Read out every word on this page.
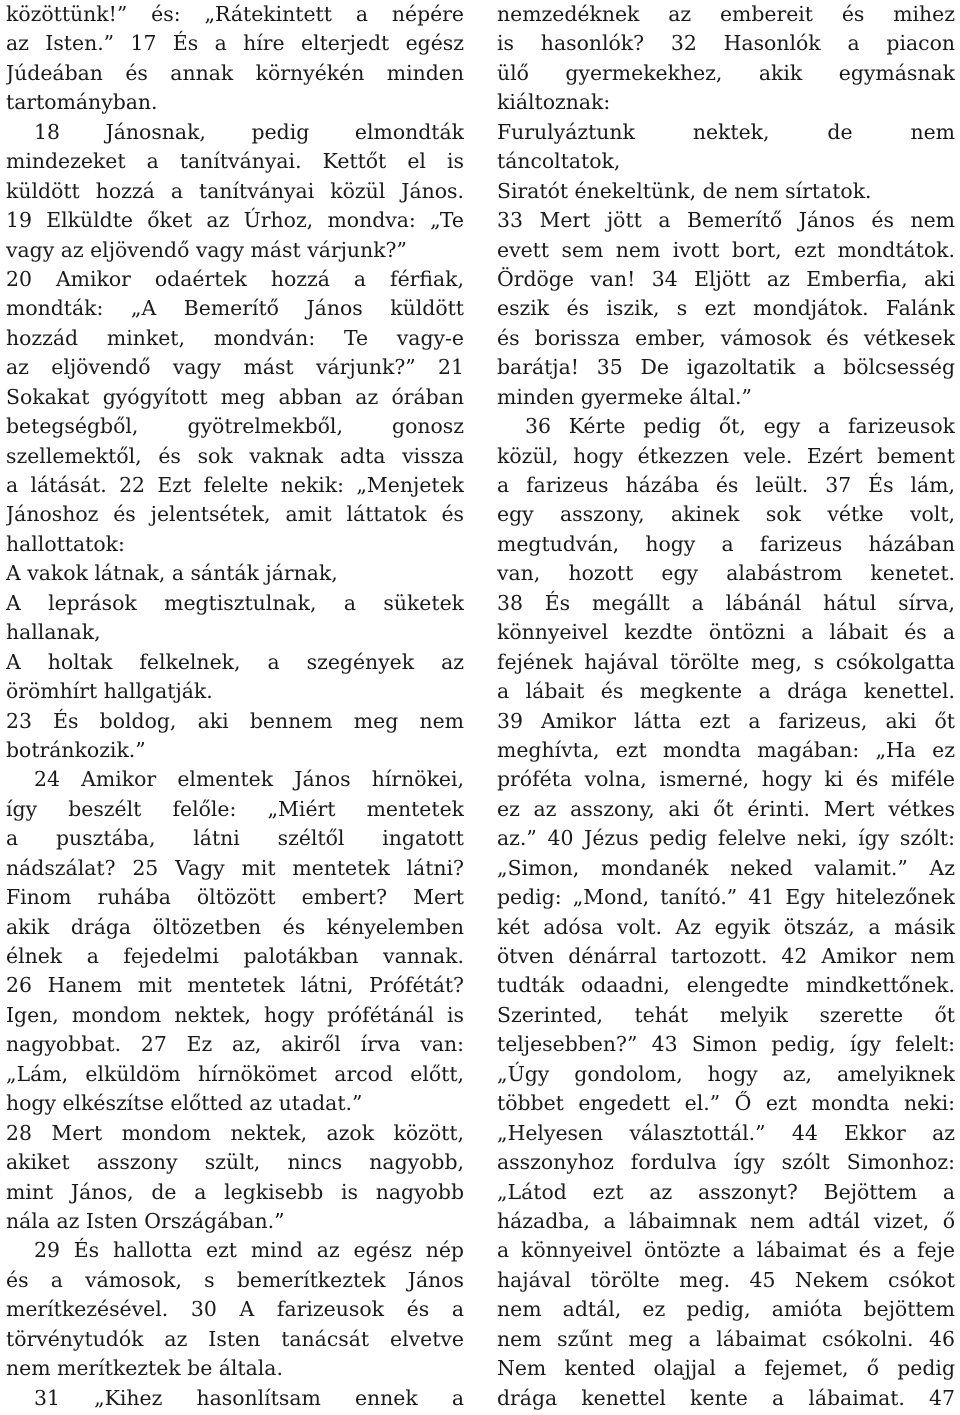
közöttünk!” és: „Rátekintett a népére
az Isten.” 17 És a híre elterjedt egész
Júdeában és annak környékén minden
tartományban.
18 Jánosnak, pedig elmondták
mindezeket a tanítványai. Kettőt el is
küldött hozzá a tanítványai közül János.
19 Elküldte őket az Úrhoz, mondva: „Te
vagy az eljövendő vagy mást várjunk?”
20 Amikor odaértek hozzá a férfiak,
mondták: „A Bemerítő János küldött
hozzád minket, mondván: Te vagy-e
az eljövendő vagy mást várjunk?” 21
Sokakat gyógyított meg abban az órában
betegségből, gyötrelmekből, gonosz
szellemektől, és sok vaknak adta vissza
a látását. 22 Ezt felelte nekik: „Menjetek
Jánoshoz és jelentsétek, amit láttatok és
hallottatok:
A vakok látnak, a sánták járnak,
A leprások megtisztulnak, a süketek
hallanak,
A holtak felkelnek, a szegények az
örömhírt hallgatják.
23 És boldog, aki bennem meg nem
botránkozik.”
24 Amikor elmentek János hírnökei,
így beszélt felőle: „Miért mentetek
a pusztába, látni széltől ingatott
nádszálat? 25 Vagy mit mentetek látni?
Finom ruhába öltözött embert? Mert
akik drága öltözetben és kényelemben
élnek a fejedelmi palotákban vannak.
26 Hanem mit mentetek látni, Prófétát?
Igen, mondom nektek, hogy prófétánál is
nagyobbat. 27 Ez az, akiről írva van:
„Lám, elküldöm hírnökömet arcod előtt,
hogy elkészítse előtted az utadat.”
28 Mert mondom nektek, azok között,
akiket asszony szült, nincs nagyobb,
mint János, de a legkisebb is nagyobb
nála az Isten Országában.”
29 És hallotta ezt mind az egész nép
és a vámosok, s bemerítkeztek János
merítkezésével. 30 A farizeusok és a
törvénytudók az Isten tanácsát elvetve
nem merítkeztek be általa.
31 „Kihez hasonlítsam ennek a
nemzedéknek az embereit és mihez
is hasonlók? 32 Hasonlók a piacon
ülő gyermekekhez, akik egymásnak
kiáltoznak:
Furulyáztunk nektek, de nem
táncoltatok,
Siratót énekeltünk, de nem sírtatok.
33 Mert jött a Bemerítő János és nem
evett sem nem ivott bort, ezt mondtátok.
Ördöge van! 34 Eljött az Emberfia, aki
eszik és iszik, s ezt mondjátok. Falánk
és borissza ember, vámosok és vétkesek
barátja! 35 De igazoltatik a bölcsesség
minden gyermeke által.”
36 Kérte pedig őt, egy a farizeusok
közül, hogy étkezzen vele. Ezért bement
a farizeus házába és leült. 37 És lám,
egy asszony, akinek sok vétke volt,
megtudván, hogy a farizeus házában
van, hozott egy alabástrom kenetet.
38 És megállt a lábánál hátul sírva,
könnyeivel kezdte öntözni a lábait és a
fejének hajával törölte meg, s csókolgatta
a lábait és megkente a drága kenettel.
39 Amikor látta ezt a farizeus, aki őt
meghívta, ezt mondta magában: „Ha ez
próféta volna, ismerné, hogy ki és miféle
ez az asszony, aki őt érinti. Mert vétkes
az.” 40 Jézus pedig felelve neki, így szólt:
„Simon, mondanék neked valamit.” Az
pedig: „Mond, tanító.” 41 Egy hitelezőnek
két adósa volt. Az egyik ötszáz, a másik
ötven dénárral tartozott. 42 Amikor nem
tudták odaadni, elengedte mindkettőnek.
Szerinted, tehát melyik szerette őt
teljesebben?” 43 Simon pedig, így felelt:
„Úgy gondolom, hogy az, amelyiknek
többet engedett el.” Ő ezt mondta neki:
„Helyesen választottál.” 44 Ekkor az
asszonyhoz fordulva így szólt Simonhoz:
„Látod ezt az asszonyt? Bejöttem a
házadba, a lábaimnak nem adtál vizet, ő
a könnyeivel öntözte a lábaimat és a feje
hajával törölte meg. 45 Nekem csókot
nem adtál, ez pedig, amióta bejöttem
nem szűnt meg a lábaimat csókolni. 46
Nem kented olajjal a fejemet, ő pedig
drága kenettel kente a lábaimat. 47
